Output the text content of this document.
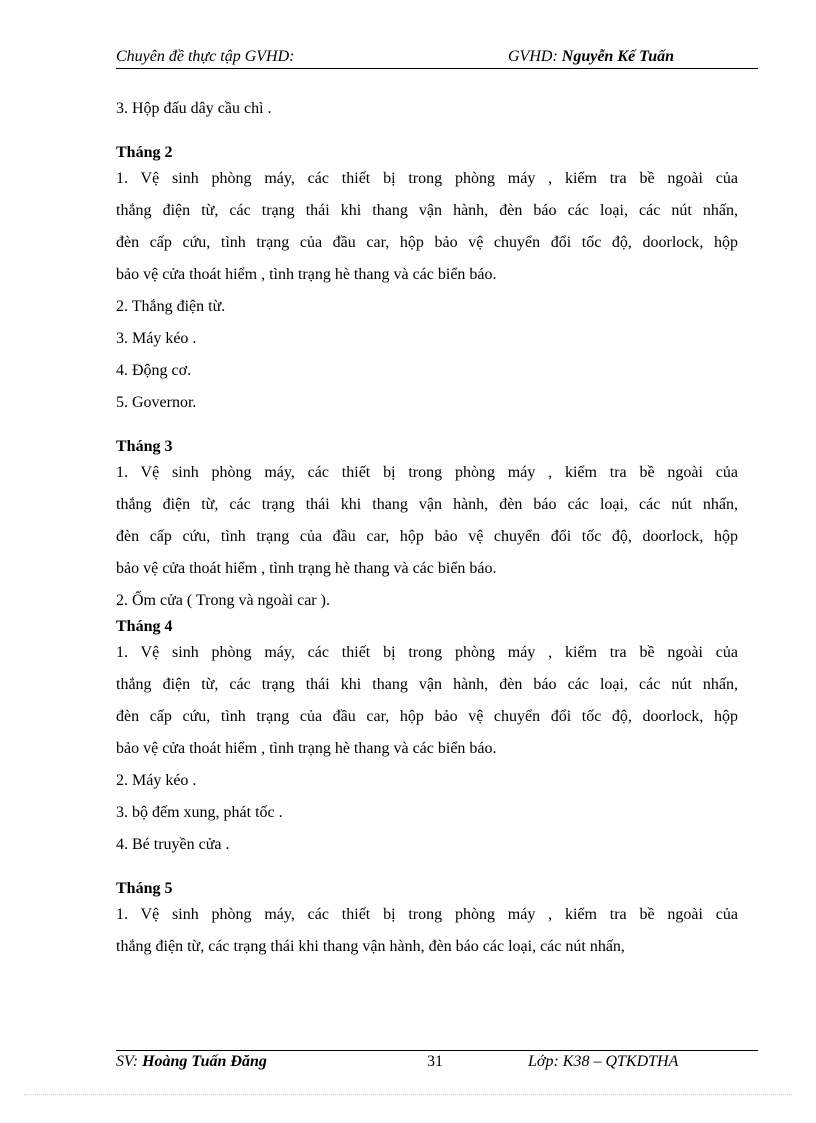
Chuyên đề thực tập GVHD:	GVHD: Nguyễn Kế Tuấn
3. Hộp đấu dây cầu chì .
Tháng 2
1. Vệ sinh phòng máy, các thiết bị trong phòng máy , kiểm tra bề ngoài của
thắng điện từ, các trạng thái khi thang vận hành, đèn báo các loại, các nút nhấn,
đèn cấp cứu, tình trạng của đầu car, hộp bảo vệ chuyển đổi tốc độ, doorlock, hộp
bảo vệ cửa thoát hiểm , tình trạng hè thang và các biển báo.
2. Thắng điện từ.
3. Máy kéo .
4. Động cơ.
5. Governor.
Tháng 3
1. Vệ sinh phòng máy, các thiết bị trong phòng máy , kiểm tra bề ngoài của
thắng điện từ, các trạng thái khi thang vận hành, đèn báo các loại, các nút nhấn,
đèn cấp cứu, tình trạng của đầu car, hộp bảo vệ chuyển đổi tốc độ, doorlock, hộp
bảo vệ cửa thoát hiểm , tình trạng hè thang và các biển báo.
2. Ốm cửa ( Trong và ngoài car ).
Tháng 4
1. Vệ sinh phòng máy, các thiết bị trong phòng máy , kiểm tra bề ngoài của
thắng điện từ, các trạng thái khi thang vận hành, đèn báo các loại, các nút nhấn,
đèn cấp cứu, tình trạng của đầu car, hộp bảo vệ chuyển đổi tốc độ, doorlock, hộp
bảo vệ cửa thoát hiểm , tình trạng hè thang và các biển báo.
2. Máy kéo .
3. bộ đếm xung, phát tốc .
4. Bé truyền cửa .
Tháng 5
1. Vệ sinh phòng máy, các thiết bị trong phòng máy , kiểm tra bề ngoài của
thắng điện từ, các trạng thái khi thang vận hành, đèn báo các loại, các nút nhấn,
SV: Hoàng Tuấn Đăng	31	Lớp: K38 – QTKDTHA
